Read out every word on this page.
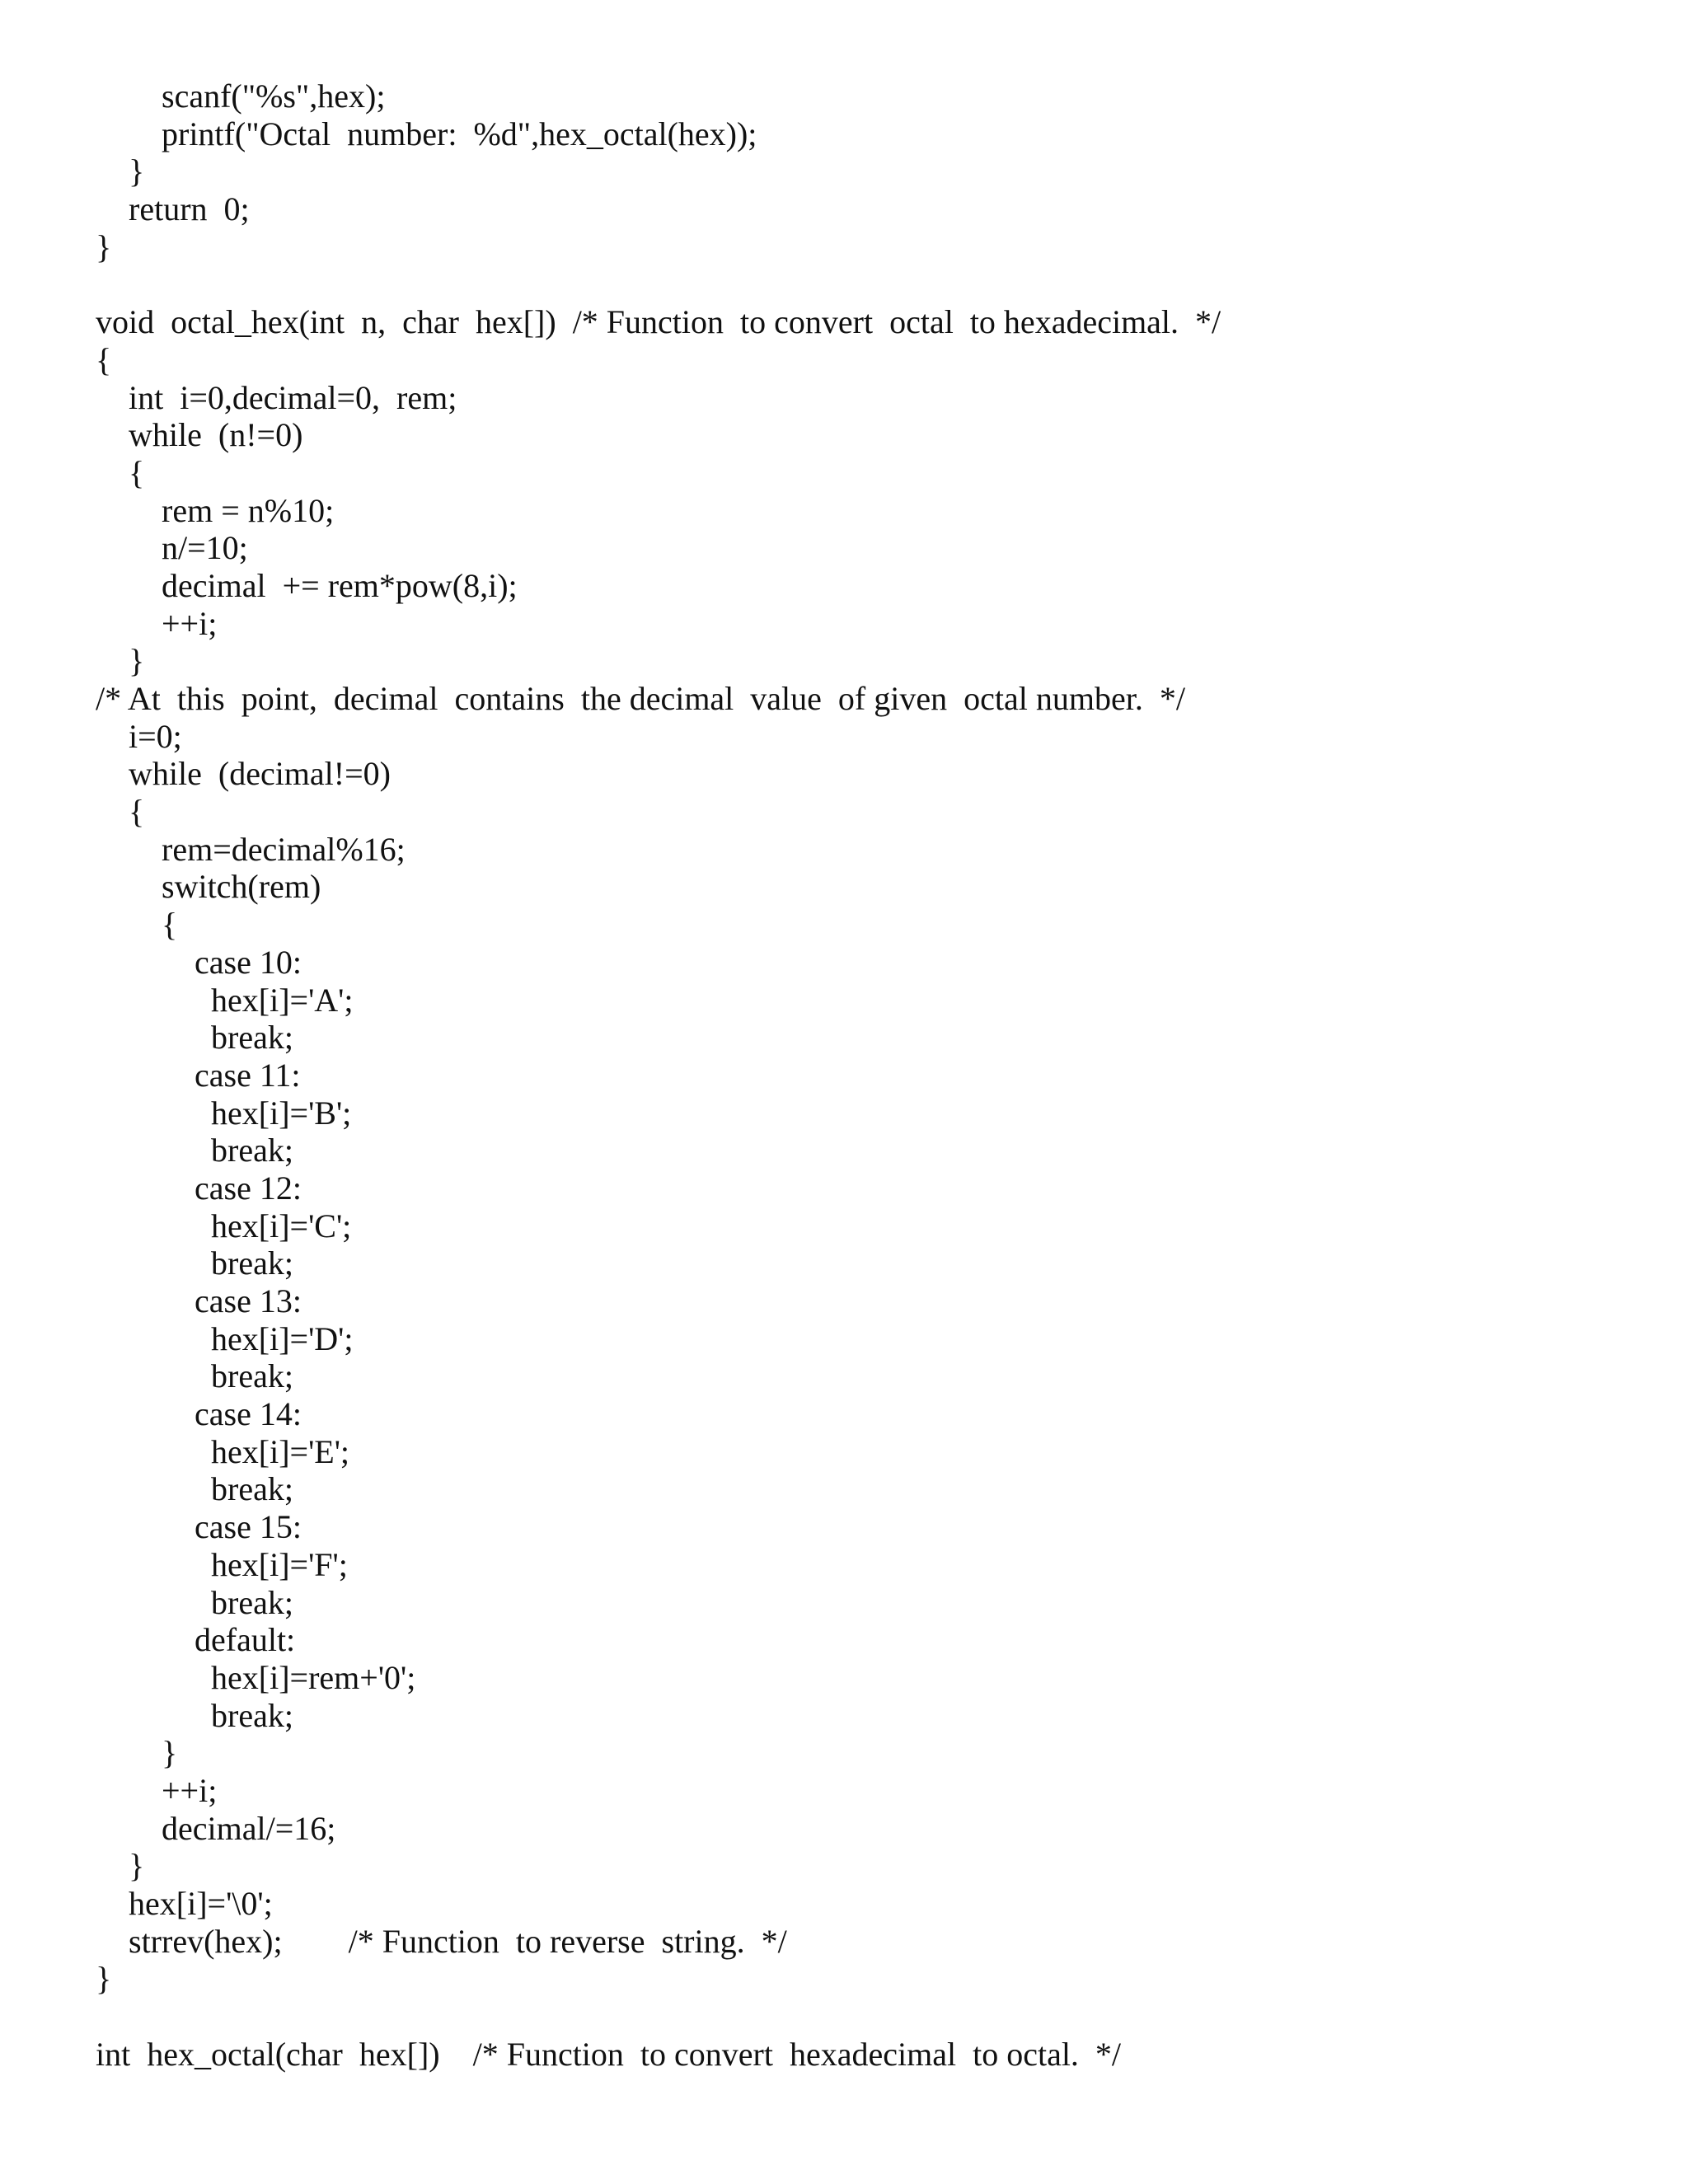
scanf("%s",hex);
printf("Octal  number:  %d",hex_octal(hex));
}
return  0;
}
void  octal_hex(int  n,  char  hex[])  /* Function  to convert  octal  to hexadecimal.  */
{
int  i=0,decimal=0,  rem;
while  (n!=0)
{
rem = n%10;
n/=10;
decimal  += rem*pow(8,i);
++i;
}
/* At  this  point,  decimal  contains  the decimal  value  of given  octal number.  */
i=0;
while  (decimal!=0)
{
rem=decimal%16;
switch(rem)
{
case 10:
hex[i]='A';
break;
case 11:
hex[i]='B';
break;
case 12:
hex[i]='C';
break;
case 13:
hex[i]='D';
break;
case 14:
hex[i]='E';
break;
case 15:
hex[i]='F';
break;
default:
hex[i]=rem+'0';
break;
}
++i;
decimal/=16;
}
hex[i]='\0';
strrev(hex);        /* Function  to reverse  string.  */
}
int  hex_octal(char  hex[])    /* Function  to convert  hexadecimal  to octal.  */
